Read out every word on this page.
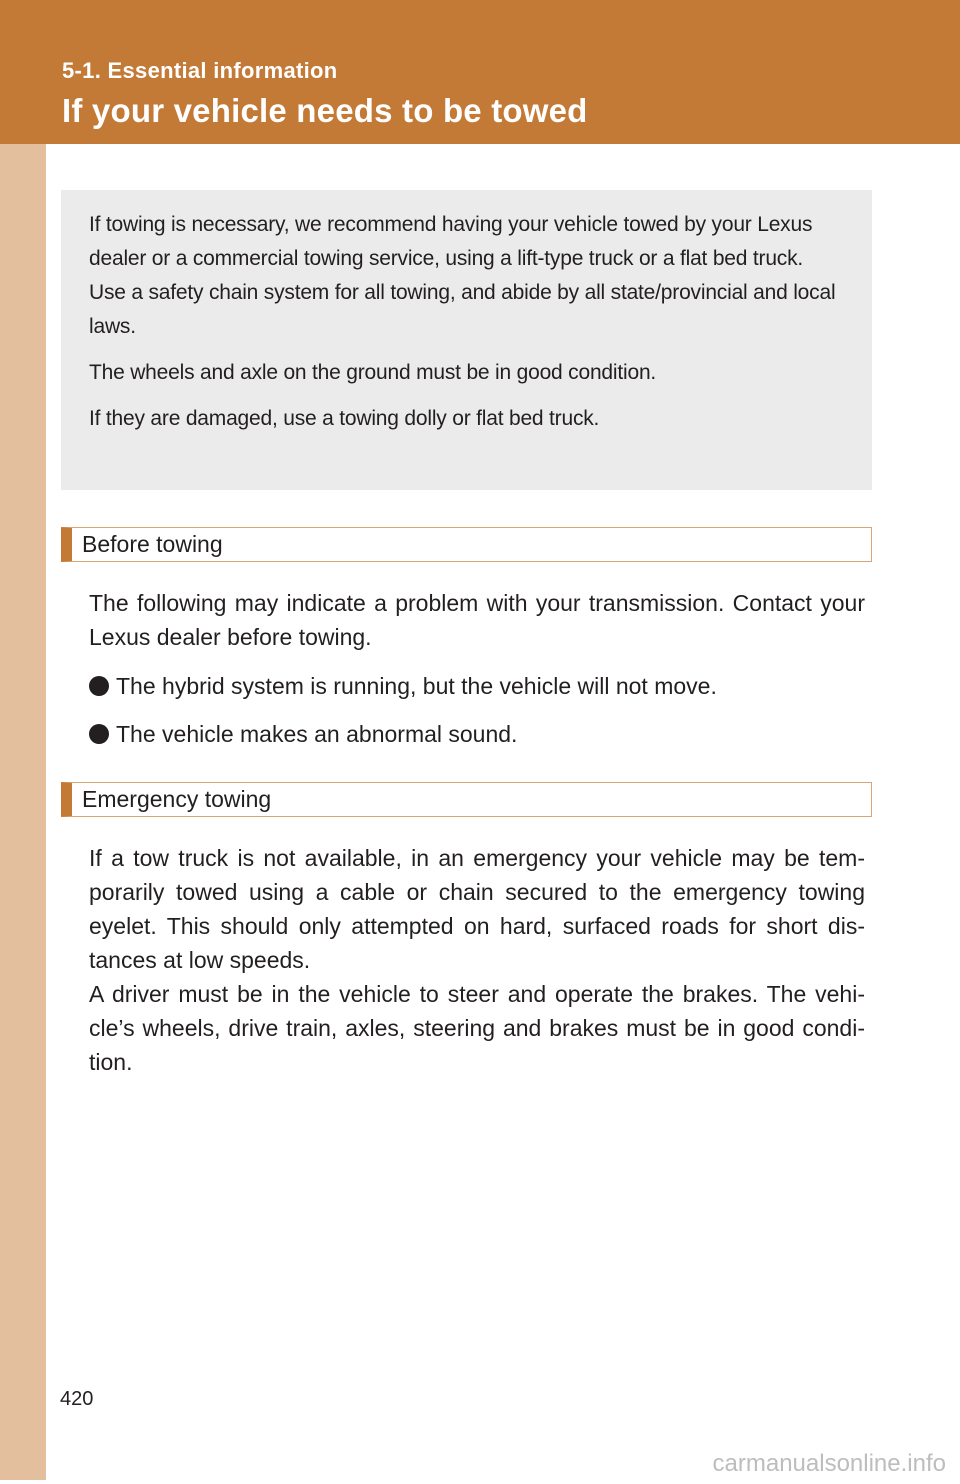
5-1. Essential information
If your vehicle needs to be towed

If towing is necessary, we recommend having your vehicle towed by your Lexus dealer or a commercial towing service, using a lift-type truck or a flat bed truck.

Use a safety chain system for all towing, and abide by all state/provincial and local laws.

The wheels and axle on the ground must be in good condition.

If they are damaged, use a towing dolly or flat bed truck.

Before towing

The following may indicate a problem with your transmission. Contact your Lexus dealer before towing.

The hybrid system is running, but the vehicle will not move.
The vehicle makes an abnormal sound.
Emergency towing

If a tow truck is not available, in an emergency your vehicle may be tem-porarily towed using a cable or chain secured to the emergency towing eyelet. This should only attempted on hard, surfaced roads for short dis-tances at low speeds.

A driver must be in the vehicle to steer and operate the brakes. The vehi-cle’s wheels, drive train, axles, steering and brakes must be in good condi-tion.

420
carmanualsonline.info
